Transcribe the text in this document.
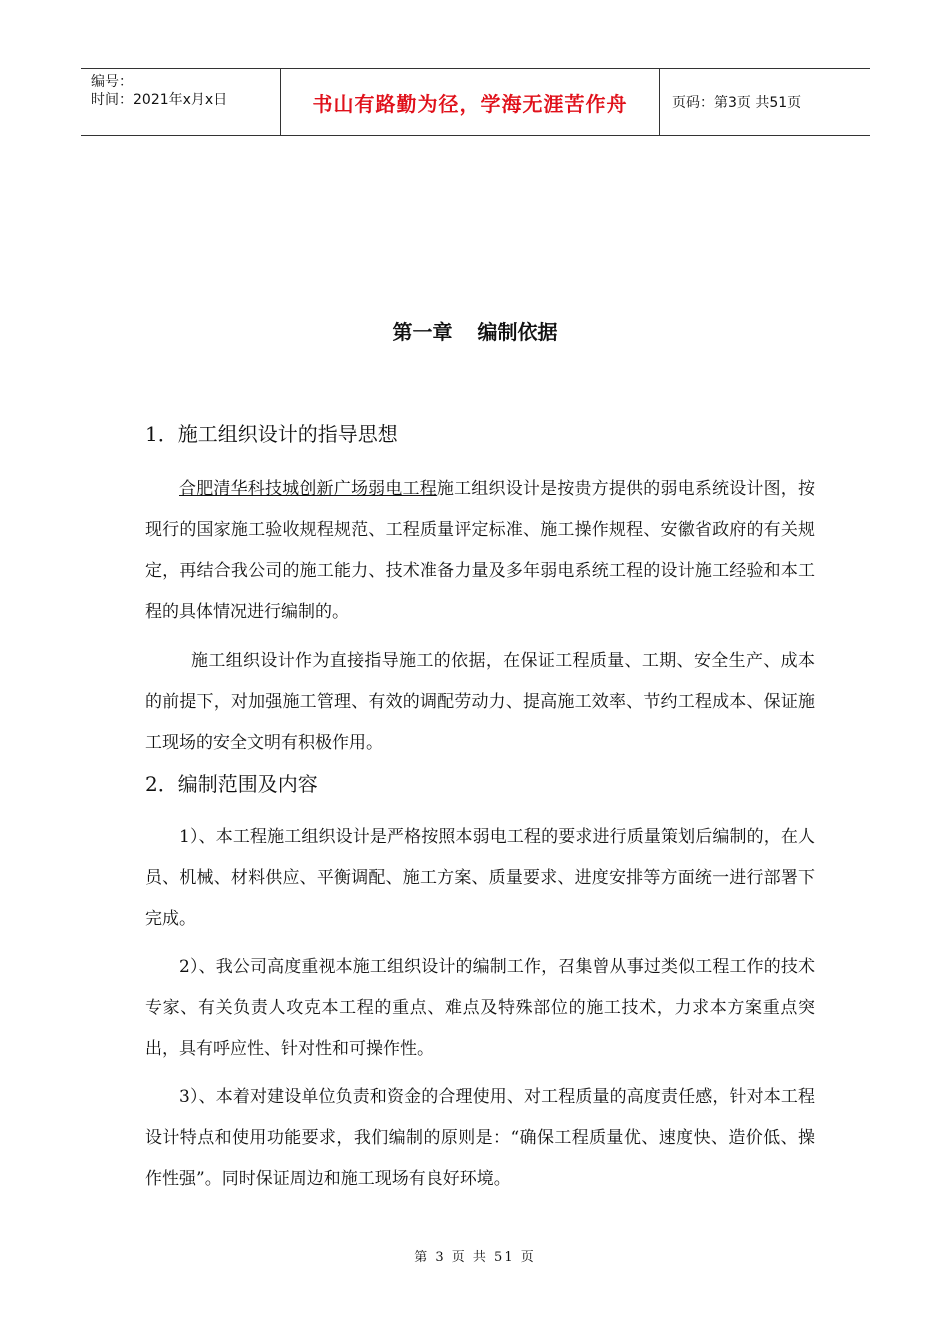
编号：
时间：2021年x月x日	书山有路勤为径，学海无涯苦作舟	页码：第3页 共51页
第一章 编制依据
1．施工组织设计的指导思想
合肥清华科技城创新广场弱电工程施工组织设计是按贵方提供的弱电系统设计图，按现行的国家施工验收规程规范、工程质量评定标准、施工操作规程、安徽省政府的有关规定，再结合我公司的施工能力、技术准备力量及多年弱电系统工程的设计施工经验和本工程的具体情况进行编制的。
施工组织设计作为直接指导施工的依据，在保证工程质量、工期、安全生产、成本的前提下，对加强施工管理、有效的调配劳动力、提高施工效率、节约工程成本、保证施工现场的安全文明有积极作用。
2．编制范围及内容
1）、本工程施工组织设计是严格按照本弱电工程的要求进行质量策划后编制的，在人员、机械、材料供应、平衡调配、施工方案、质量要求、进度安排等方面统一进行部署下完成。
2）、我公司高度重视本施工组织设计的编制工作，召集曾从事过类似工程工作的技术专家、有关负责人攻克本工程的重点、难点及特殊部位的施工技术，力求本方案重点突出，具有呼应性、针对性和可操作性。
3）、本着对建设单位负责和资金的合理使用、对工程质量的高度责任感，针对本工程设计特点和使用功能要求，我们编制的原则是：“确保工程质量优、速度快、造价低、操作性强”。同时保证周边和施工现场有良好环境。
第 3 页 共 51 页
